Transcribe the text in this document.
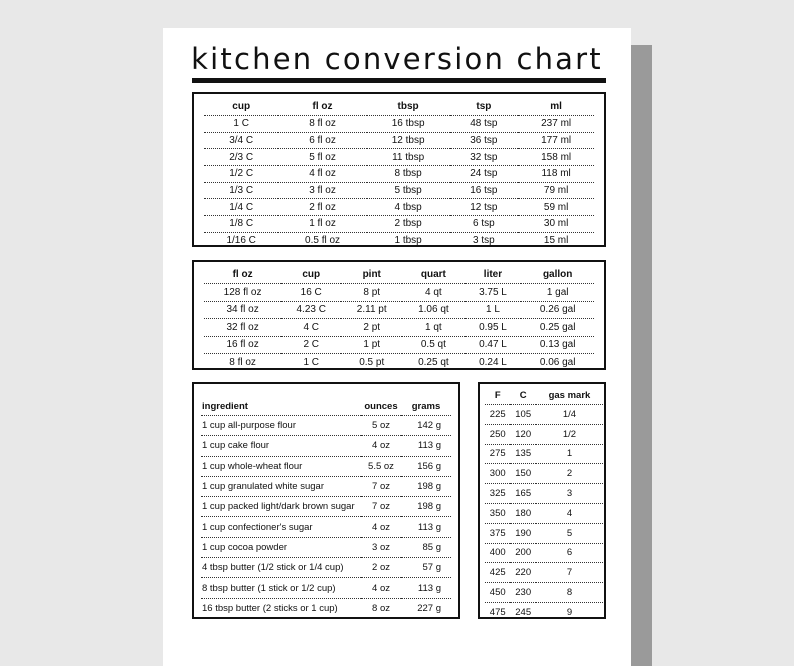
kitchen conversion chart
cup	fl oz	tbsp	tsp	ml
1 C	8 fl oz	16 tbsp	48 tsp	237 ml
3/4 C	6 fl oz	12 tbsp	36 tsp	177 ml
2/3 C	5 fl oz	11 tbsp	32 tsp	158 ml
1/2 C	4 fl oz	8 tbsp	24 tsp	118 ml
1/3 C	3 fl oz	5 tbsp	16 tsp	79 ml
1/4 C	2 fl oz	4 tbsp	12 tsp	59 ml
1/8 C	1 fl oz	2 tbsp	6 tsp	30 ml
1/16 C	0.5 fl oz	1 tbsp	3 tsp	15 ml
fl oz	cup	pint	quart	liter	gallon
128 fl oz	16 C	8 pt	4 qt	3.75 L	1 gal
34 fl oz	4.23 C	2.11 pt	1.06 qt	1 L	0.26 gal
32 fl oz	4 C	2 pt	1 qt	0.95 L	0.25 gal
16 fl oz	2 C	1 pt	0.5 qt	0.47 L	0.13 gal
8 fl oz	1 C	0.5 pt	0.25 qt	0.24 L	0.06 gal
ingredient	ounces	grams
1 cup all-purpose flour	5 oz	142 g
1 cup cake flour	4 oz	113 g
1 cup whole-wheat flour	5.5 oz	156 g
1 cup granulated white sugar	7 oz	198 g
1 cup packed light/dark brown sugar	7 oz	198 g
1 cup confectioner's sugar	4 oz	113 g
1 cup cocoa powder	3 oz	85 g
4 tbsp butter (1/2 stick or 1/4 cup)	2 oz	57 g
8 tbsp butter (1 stick or 1/2 cup)	4 oz	113 g
16 tbsp butter (2 sticks or 1 cup)	8 oz	227 g
F	C	gas mark
225	105	1/4
250	120	1/2
275	135	1
300	150	2
325	165	3
350	180	4
375	190	5
400	200	6
425	220	7
450	230	8
475	245	9
